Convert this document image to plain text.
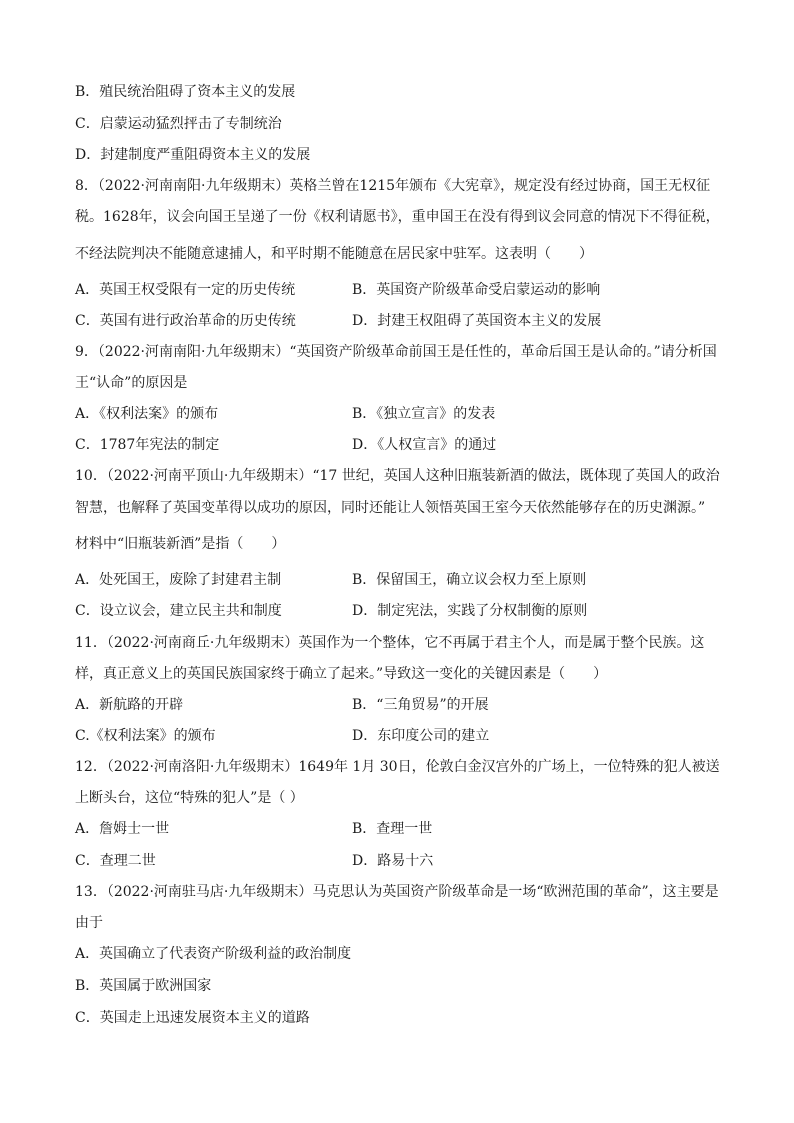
B．殖民统治阻碍了资本主义的发展
C．启蒙运动猛烈抨击了专制统治
D．封建制度严重阻碍资本主义的发展
8．（2022·河南南阳·九年级期末）英格兰曾在1215年颁布《大宪章》，规定没有经过协商，国王无权征
税。1628年，议会向国王呈递了一份《权利请愿书》，重申国王在没有得到议会同意的情况下不得征税，
不经法院判决不能随意逮捕人，和平时期不能随意在居民家中驻军。这表明（　　）
A．英国王权受限有一定的历史传统	B．英国资产阶级革命受启蒙运动的影响
C．英国有进行政治革命的历史传统	D．封建王权阻碍了英国资本主义的发展
9．（2022·河南南阳·九年级期末）“英国资产阶级革命前国王是任性的，革命后国王是认命的。”请分析国
王“认命”的原因是
A．《权利法案》的颁布	B．《独立宣言》的发表
C．1787年宪法的制定	D．《人权宣言》的通过
10．（2022·河南平顶山·九年级期末）“17 世纪，英国人这种旧瓶装新酒的做法，既体现了英国人的政治
智慧，也解释了英国变革得以成功的原因，同时还能让人领悟英国王室今天依然能够存在的历史渊源。”
材料中“旧瓶装新酒”是指（　　）
A．处死国王，废除了封建君主制	B．保留国王，确立议会权力至上原则
C．设立议会，建立民主共和制度	D．制定宪法，实践了分权制衡的原则
11．（2022·河南商丘·九年级期末）英国作为一个整体，它不再属于君主个人，而是属于整个民族。这
样，真正意义上的英国民族国家终于确立了起来。”导致这一变化的关键因素是（　　）
A．新航路的开辟	B．“三角贸易”的开展
C.《权利法案》的颁布	D．东印度公司的建立
12．（2022·河南洛阳·九年级期末）1649年 1月 30日，伦敦白金汉宫外的广场上，一位特殊的犯人被送
上断头台，这位“特殊的犯人”是（ ）
A．詹姆士一世	B．查理一世
C．查理二世	D．路易十六
13．（2022·河南驻马店·九年级期末）马克思认为英国资产阶级革命是一场“欧洲范围的革命”，这主要是
由于
A．英国确立了代表资产阶级利益的政治制度
B．英国属于欧洲国家
C．英国走上迅速发展资本主义的道路
